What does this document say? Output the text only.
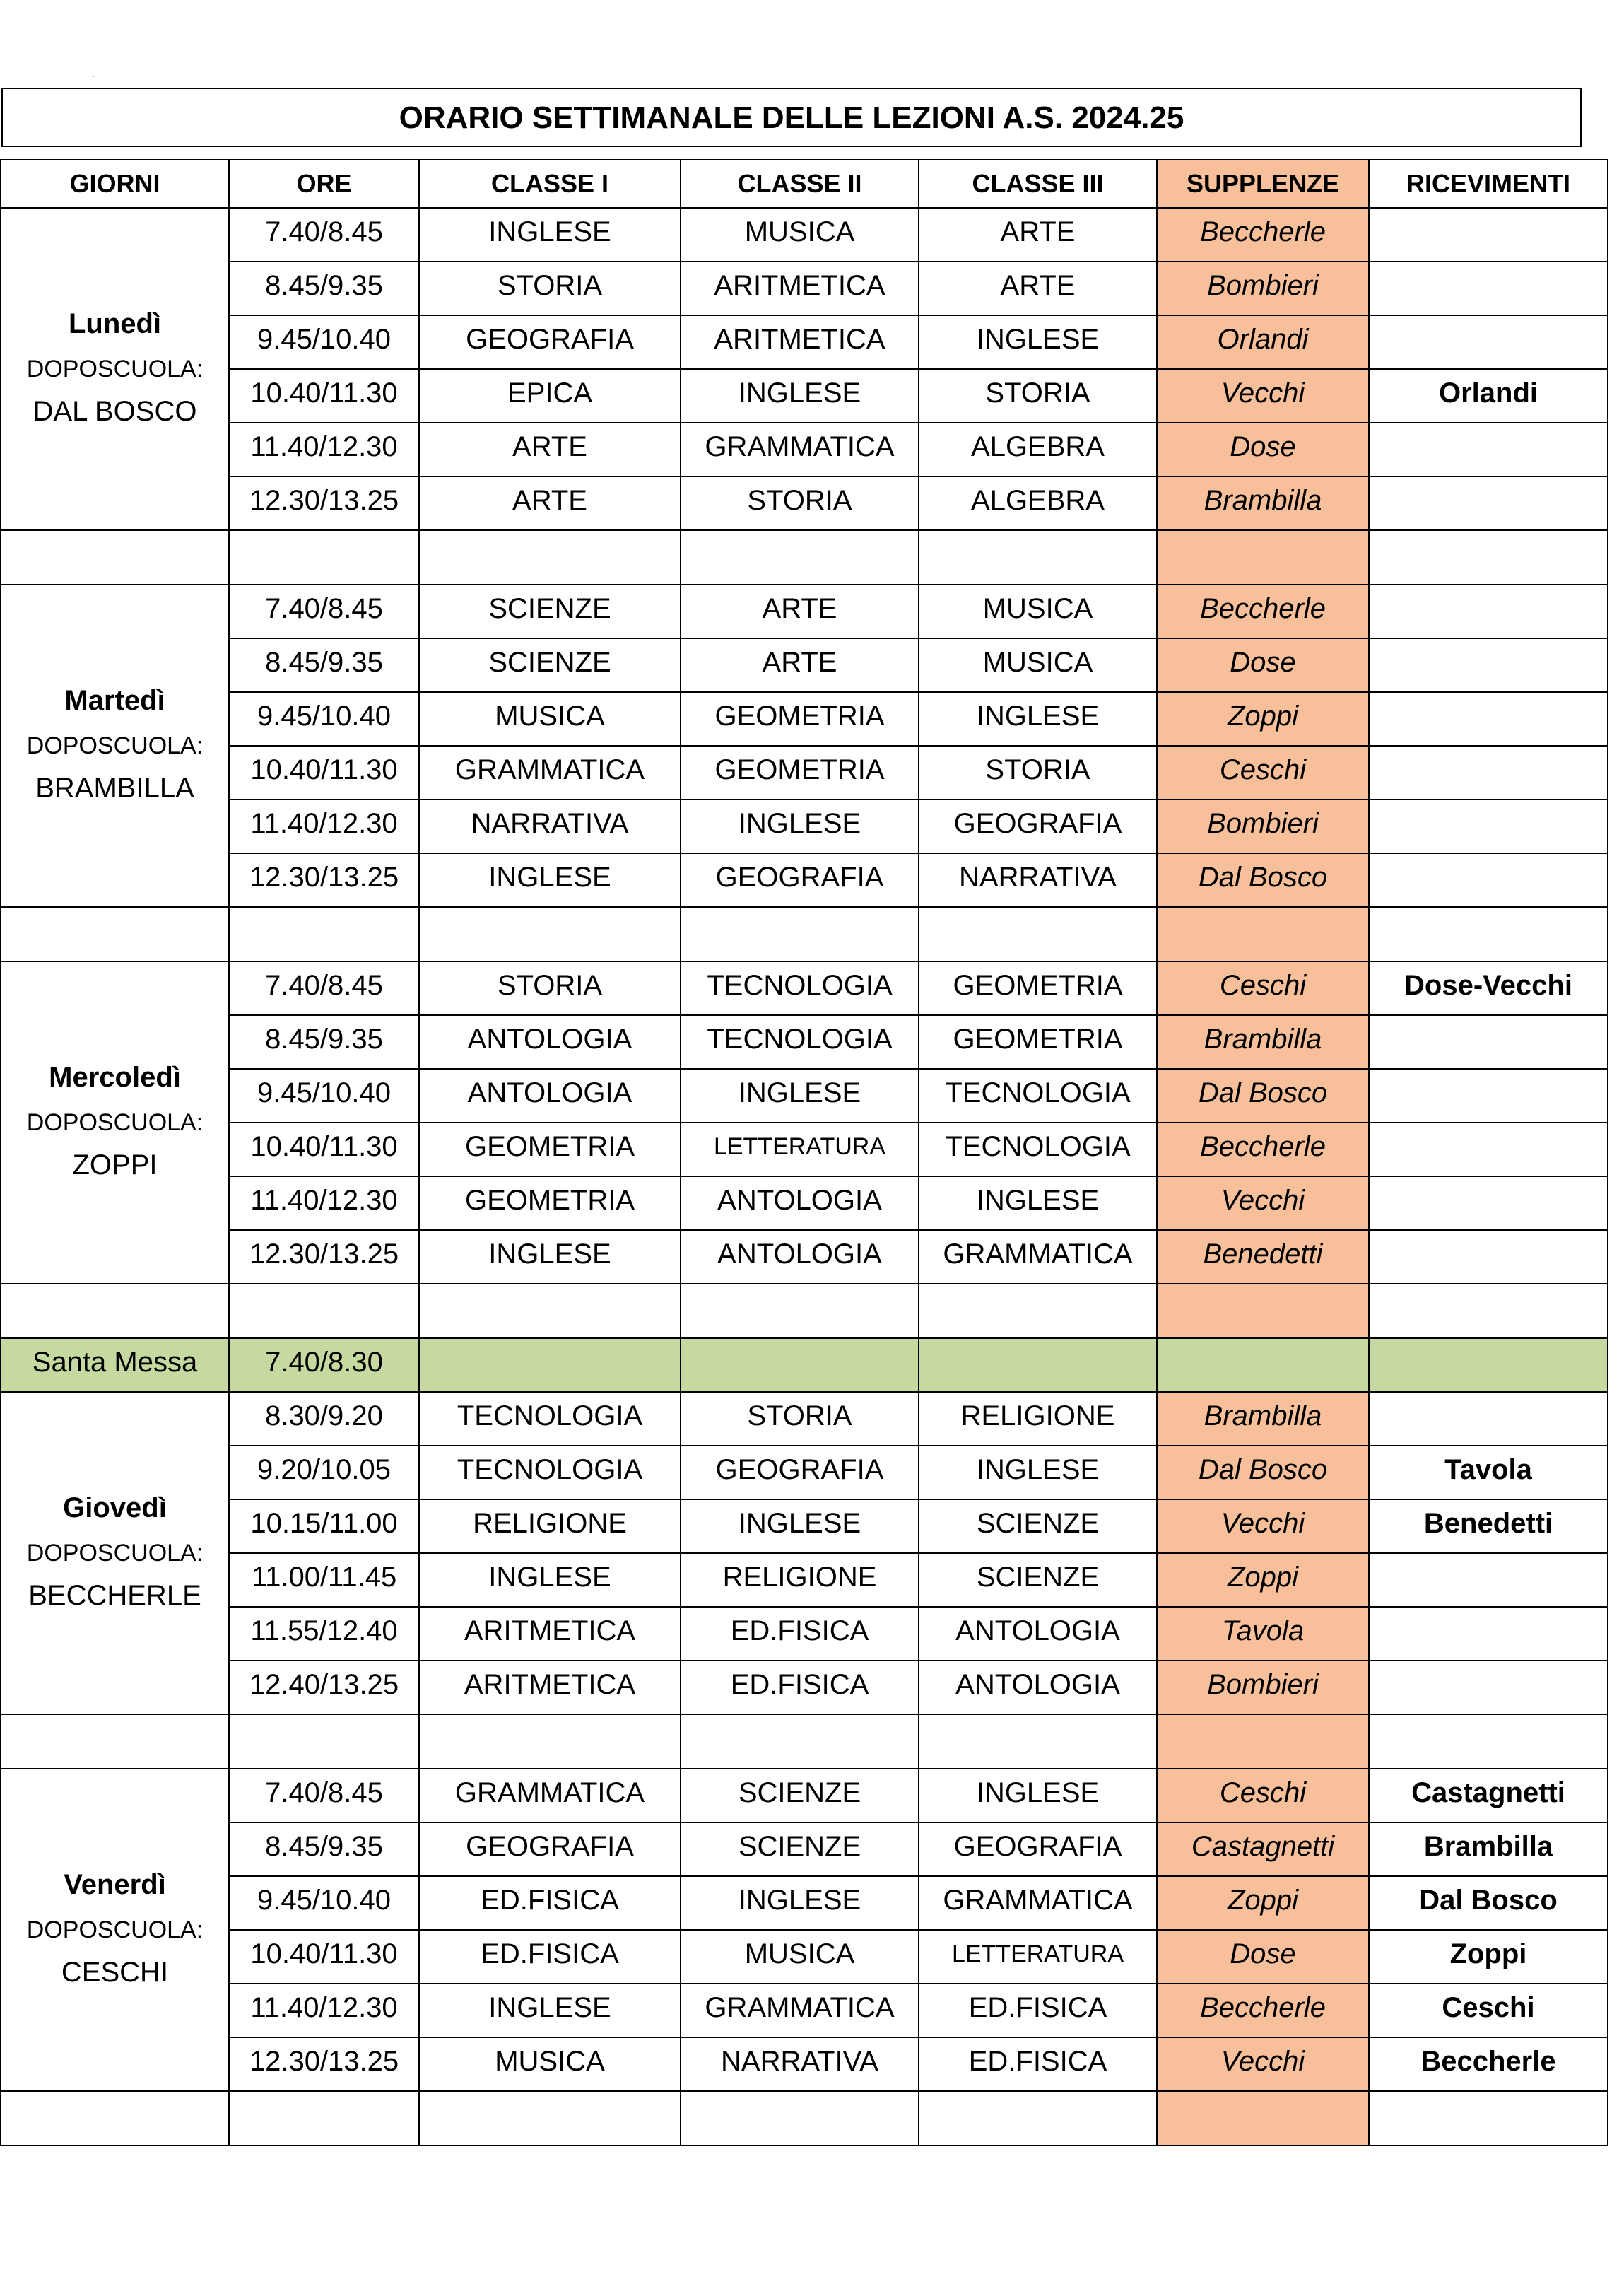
.
ORARIO SETTIMANALE DELLE LEZIONI A.S. 2024.25
GIORNI	ORE	CLASSE I	CLASSE II	CLASSE III	SUPPLENZE	RICEVIMENTI

Lunedì
DOPOSCUOLA:
DAL BOSCO	7.40/8.45	INGLESE	MUSICA	ARTE	Beccherle	
	8.45/9.35	STORIA	ARITMETICA	ARTE	Bombieri	
	9.45/10.40	GEOGRAFIA	ARITMETICA	INGLESE	Orlandi	
	10.40/11.30	EPICA	INGLESE	STORIA	Vecchi	Orlandi
	11.40/12.30	ARTE	GRAMMATICA	ALGEBRA	Dose	
	12.30/13.25	ARTE	STORIA	ALGEBRA	Brambilla	

Martedì
DOPOSCUOLA:
BRAMBILLA	7.40/8.45	SCIENZE	ARTE	MUSICA	Beccherle	
	8.45/9.35	SCIENZE	ARTE	MUSICA	Dose	
	9.45/10.40	MUSICA	GEOMETRIA	INGLESE	Zoppi	
	10.40/11.30	GRAMMATICA	GEOMETRIA	STORIA	Ceschi	
	11.40/12.30	NARRATIVA	INGLESE	GEOGRAFIA	Bombieri	
	12.30/13.25	INGLESE	GEOGRAFIA	NARRATIVA	Dal Bosco	

Mercoledì
DOPOSCUOLA:
ZOPPI	7.40/8.45	STORIA	TECNOLOGIA	GEOMETRIA	Ceschi	Dose-Vecchi
	8.45/9.35	ANTOLOGIA	TECNOLOGIA	GEOMETRIA	Brambilla	
	9.45/10.40	ANTOLOGIA	INGLESE	TECNOLOGIA	Dal Bosco	
	10.40/11.30	GEOMETRIA	LETTERATURA	TECNOLOGIA	Beccherle	
	11.40/12.30	GEOMETRIA	ANTOLOGIA	INGLESE	Vecchi	
	12.30/13.25	INGLESE	ANTOLOGIA	GRAMMATICA	Benedetti	

Santa Messa	7.40/8.30					

Giovedì
DOPOSCUOLA:
BECCHERLE	8.30/9.20	TECNOLOGIA	STORIA	RELIGIONE	Brambilla	
	9.20/10.05	TECNOLOGIA	GEOGRAFIA	INGLESE	Dal Bosco	Tavola
	10.15/11.00	RELIGIONE	INGLESE	SCIENZE	Vecchi	Benedetti
	11.00/11.45	INGLESE	RELIGIONE	SCIENZE	Zoppi	
	11.55/12.40	ARITMETICA	ED.FISICA	ANTOLOGIA	Tavola	
	12.40/13.25	ARITMETICA	ED.FISICA	ANTOLOGIA	Bombieri	

Venerdì
DOPOSCUOLA:
CESCHI	7.40/8.45	GRAMMATICA	SCIENZE	INGLESE	Ceschi	Castagnetti
	8.45/9.35	GEOGRAFIA	SCIENZE	GEOGRAFIA	Castagnetti	Brambilla
	9.45/10.40	ED.FISICA	INGLESE	GRAMMATICA	Zoppi	Dal Bosco
	10.40/11.30	ED.FISICA	MUSICA	LETTERATURA	Dose	Zoppi
	11.40/12.30	INGLESE	GRAMMATICA	ED.FISICA	Beccherle	Ceschi
	12.30/13.25	MUSICA	NARRATIVA	ED.FISICA	Vecchi	Beccherle
